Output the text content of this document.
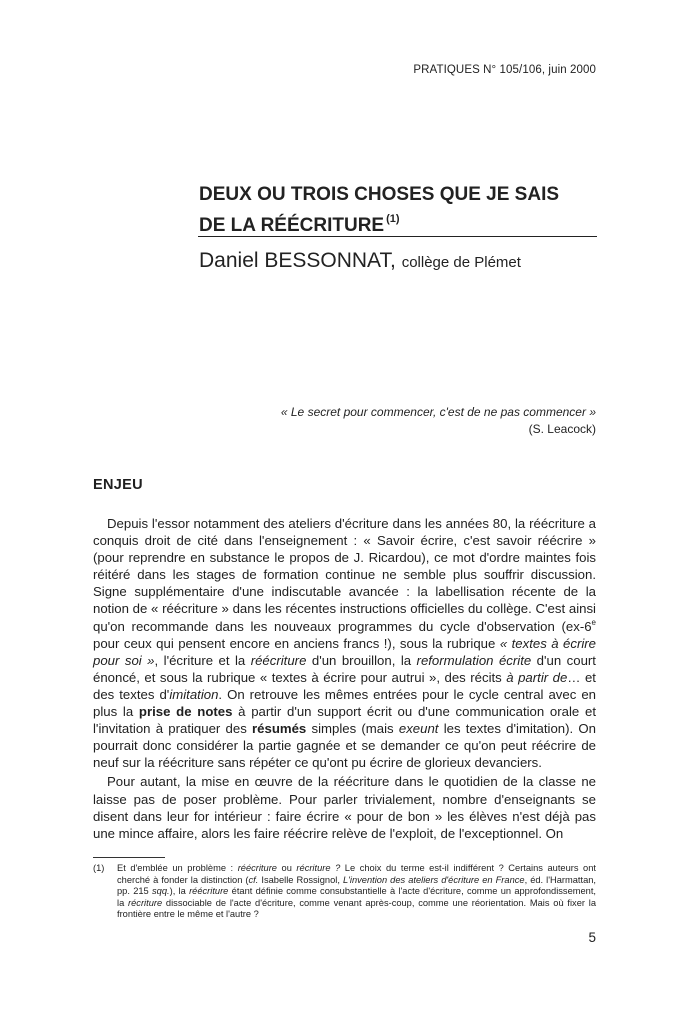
PRATIQUES N° 105/106, juin 2000
DEUX OU TROIS CHOSES QUE JE SAIS
DE LA RÉÉCRITURE $^{(1)}$
Daniel BESSONNAT, collège de Plémet
« Le secret pour commencer, c'est de ne pas commencer »
(S. Leacock)
ENJEU

Depuis l'essor notamment des ateliers d'écriture dans les années 80, la réécriture a conquis droit de cité dans l'enseignement : « Savoir écrire, c'est savoir réécrire » (pour reprendre en substance le propos de J. Ricardou), ce mot d'ordre maintes fois réitéré dans les stages de formation continue ne semble plus souffrir discussion. Signe supplémentaire d'une indiscutable avancée : la labellisation récente de la notion de « réécriture » dans les récentes instructions officielles du collège. C'est ainsi qu'on recommande dans les nouveaux programmes du cycle d'observation (ex-6e pour ceux qui pensent encore en anciens francs !), sous la rubrique « textes à écrire pour soi », l'écriture et la réécriture d'un brouillon, la reformulation écrite d'un court énoncé, et sous la rubrique « textes à écrire pour autrui », des récits à partir de… et des textes d'imitation. On retrouve les mêmes entrées pour le cycle central avec en plus la prise de notes à partir d'un support écrit ou d'une communication orale et l'invitation à pratiquer des résumés simples (mais exeunt les textes d'imitation). On pourrait donc considérer la partie gagnée et se demander ce qu'on peut réécrire de neuf sur la réécriture sans répéter ce qu'ont pu écrire de glorieux devanciers.

Pour autant, la mise en œuvre de la réécriture dans le quotidien de la classe ne laisse pas de poser problème. Pour parler trivialement, nombre d'enseignants se disent dans leur for intérieur : faire écrire « pour de bon » les élèves n'est déjà pas une mince affaire, alors les faire réécrire relève de l'exploit, de l'exceptionnel. On

(1)	Et d'emblée un problème : réécriture ou récriture ? Le choix du terme est-il indifférent ? Certains auteurs ont cherché à fonder la distinction (cf. Isabelle Rossignol, L'invention des ateliers d'écriture en France, éd. l'Harmattan, pp. 215 sqq.), la réécriture étant définie comme consubstantielle à l'acte d'écriture, comme un approfondissement, la récriture dissociable de l'acte d'écriture, comme venant après-coup, comme une réorientation. Mais où fixer la frontière entre le même et l'autre ?
5
